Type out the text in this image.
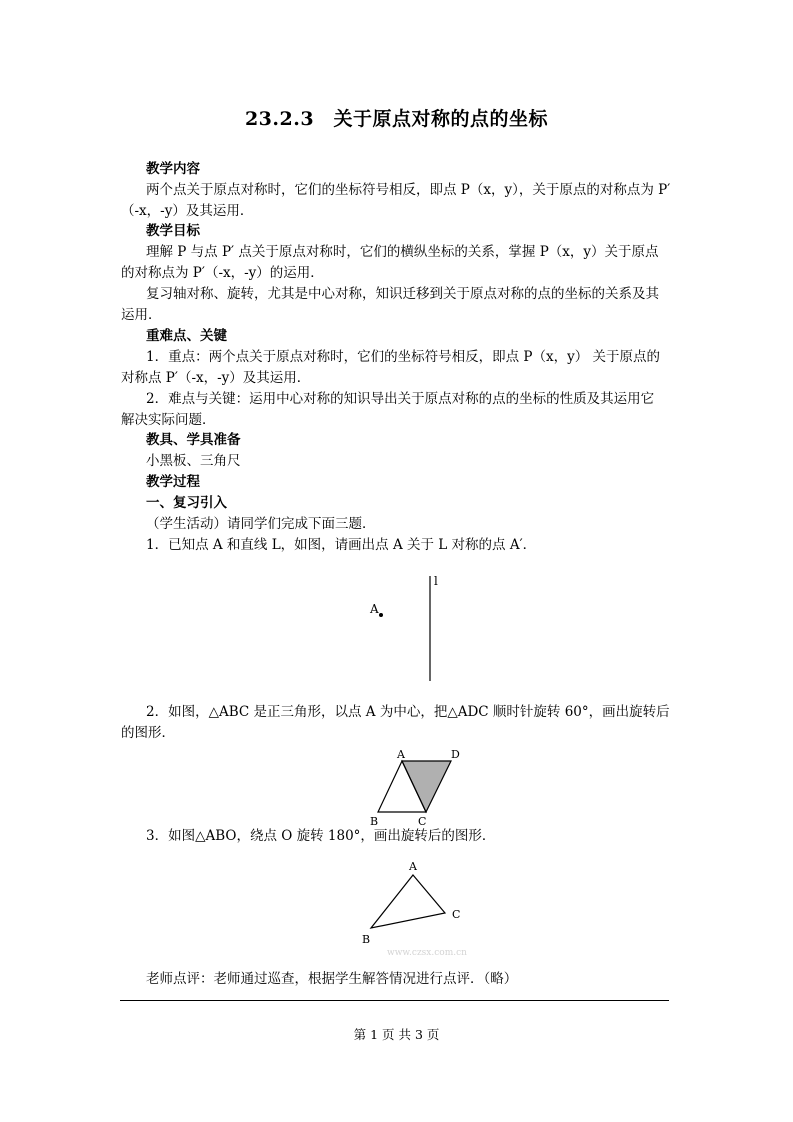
23.2.3　关于原点对称的点的坐标
教学内容
两个点关于原点对称时，它们的坐标符号相反，即点 P（x，y），关于原点的对称点为 P′
（-x，-y）及其运用．
教学目标
理解 P 与点 P′ 点关于原点对称时，它们的横纵坐标的关系，掌握 P（x，y）关于原点
的对称点为 P′（-x，-y）的运用．
复习轴对称、旋转，尤其是中心对称，知识迁移到关于原点对称的点的坐标的关系及其
运用．
重难点、关键
1．重点：两个点关于原点对称时，它们的坐标符号相反，即点 P（x，y） 关于原点的
对称点 P′（-x，-y）及其运用．
2．难点与关键：运用中心对称的知识导出关于原点对称的点的坐标的性质及其运用它
解决实际问题．
教具、学具准备
小黑板、三角尺
教学过程
一、复习引入
（学生活动）请同学们完成下面三题．
1．已知点 A 和直线 L，如图，请画出点 A 关于 L 对称的点 A′．
A
l
2．如图，△ABC 是正三角形，以点 A 为中心，把△ADC 顺时针旋转 60°，画出旋转后
的图形．
A	D
B	C
3．如图△ABO，绕点 O 旋转 180°，画出旋转后的图形．
A
C
B
www.czsx.com.cn
老师点评：老师通过巡查，根据学生解答情况进行点评．（略）
第 1 页 共 3 页
